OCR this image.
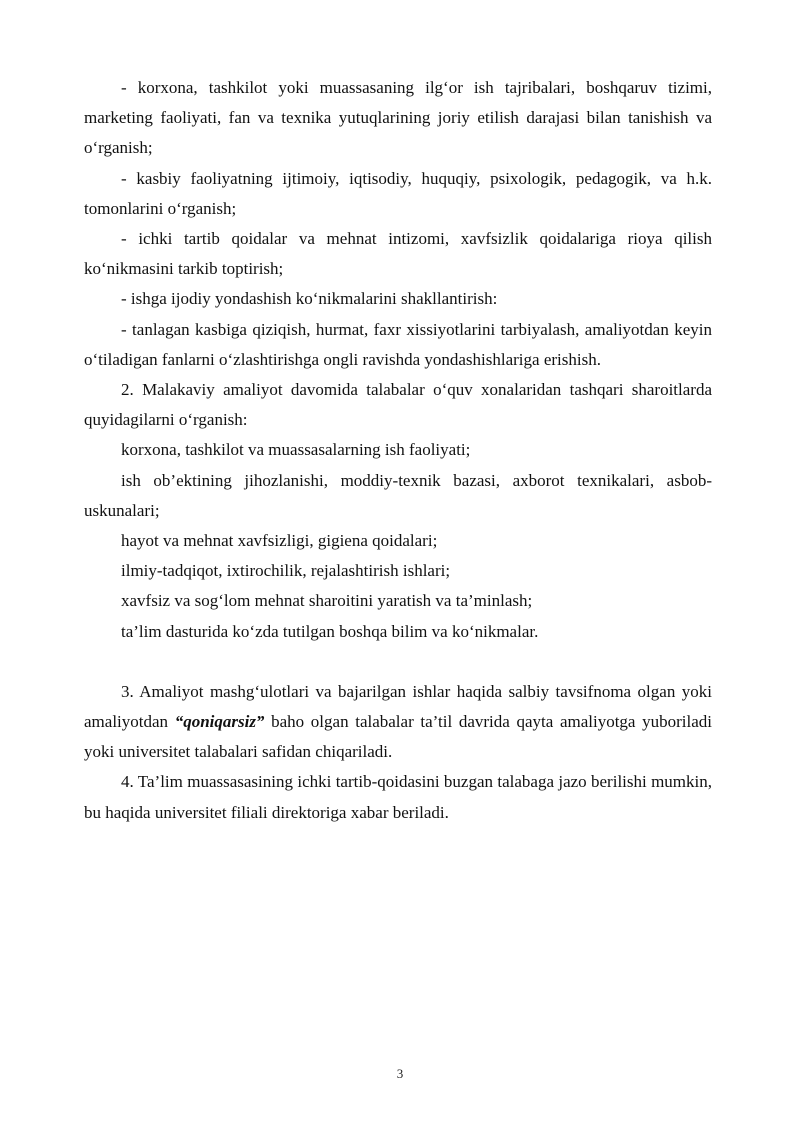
- korxona, tashkilot yoki muassasaning ilg‘or ish tajribalari, boshqaruv tizimi, marketing faoliyati, fan va texnika yutuqlarining joriy etilish darajasi bilan tanishish va o‘rganish;

- kasbiy faoliyatning ijtimoiy, iqtisodiy, huquqiy, psixologik, pedagogik, va h.k. tomonlarini o‘rganish;

- ichki tartib qoidalar va mehnat intizomi, xavfsizlik qoidalariga rioya qilish ko‘nikmasini tarkib toptirish;

- ishga ijodiy yondashish ko‘nikmalarini shakllantirish:

- tanlagan kasbiga qiziqish, hurmat, faxr xissiyotlarini tarbiyalash, amaliyotdan keyin o‘tiladigan fanlarni o‘zlashtirishga ongli ravishda yondashishlariga erishish.

2. Malakaviy amaliyot davomida talabalar o‘quv xonalaridan tashqari sharoitlarda quyidagilarni o‘rganish:

korxona, tashkilot va muassasalarning ish faoliyati;

ish ob’ektining jihozlanishi, moddiy-texnik bazasi, axborot texnikalari, asbob-uskunalari;

hayot va mehnat xavfsizligi, gigiena qoidalari;

ilmiy-tadqiqot, ixtirochilik, rejalashtirish ishlari;

xavfsiz va sog‘lom mehnat sharoitini yaratish va ta’minlash;

ta’lim dasturida ko‘zda tutilgan boshqa bilim va ko‘nikmalar.

3. Amaliyot mashg‘ulotlari va bajarilgan ishlar haqida salbiy tavsifnoma olgan yoki amaliyotdan “qoniqarsiz” baho olgan talabalar ta’til davrida qayta amaliyotga yuboriladi yoki universitet talabalari safidan chiqariladi.

4. Ta’lim muassasasining ichki tartib-qoidasini buzgan talabaga jazo berilishi mumkin, bu haqida universitet filiali direktoriga xabar beriladi.

3
